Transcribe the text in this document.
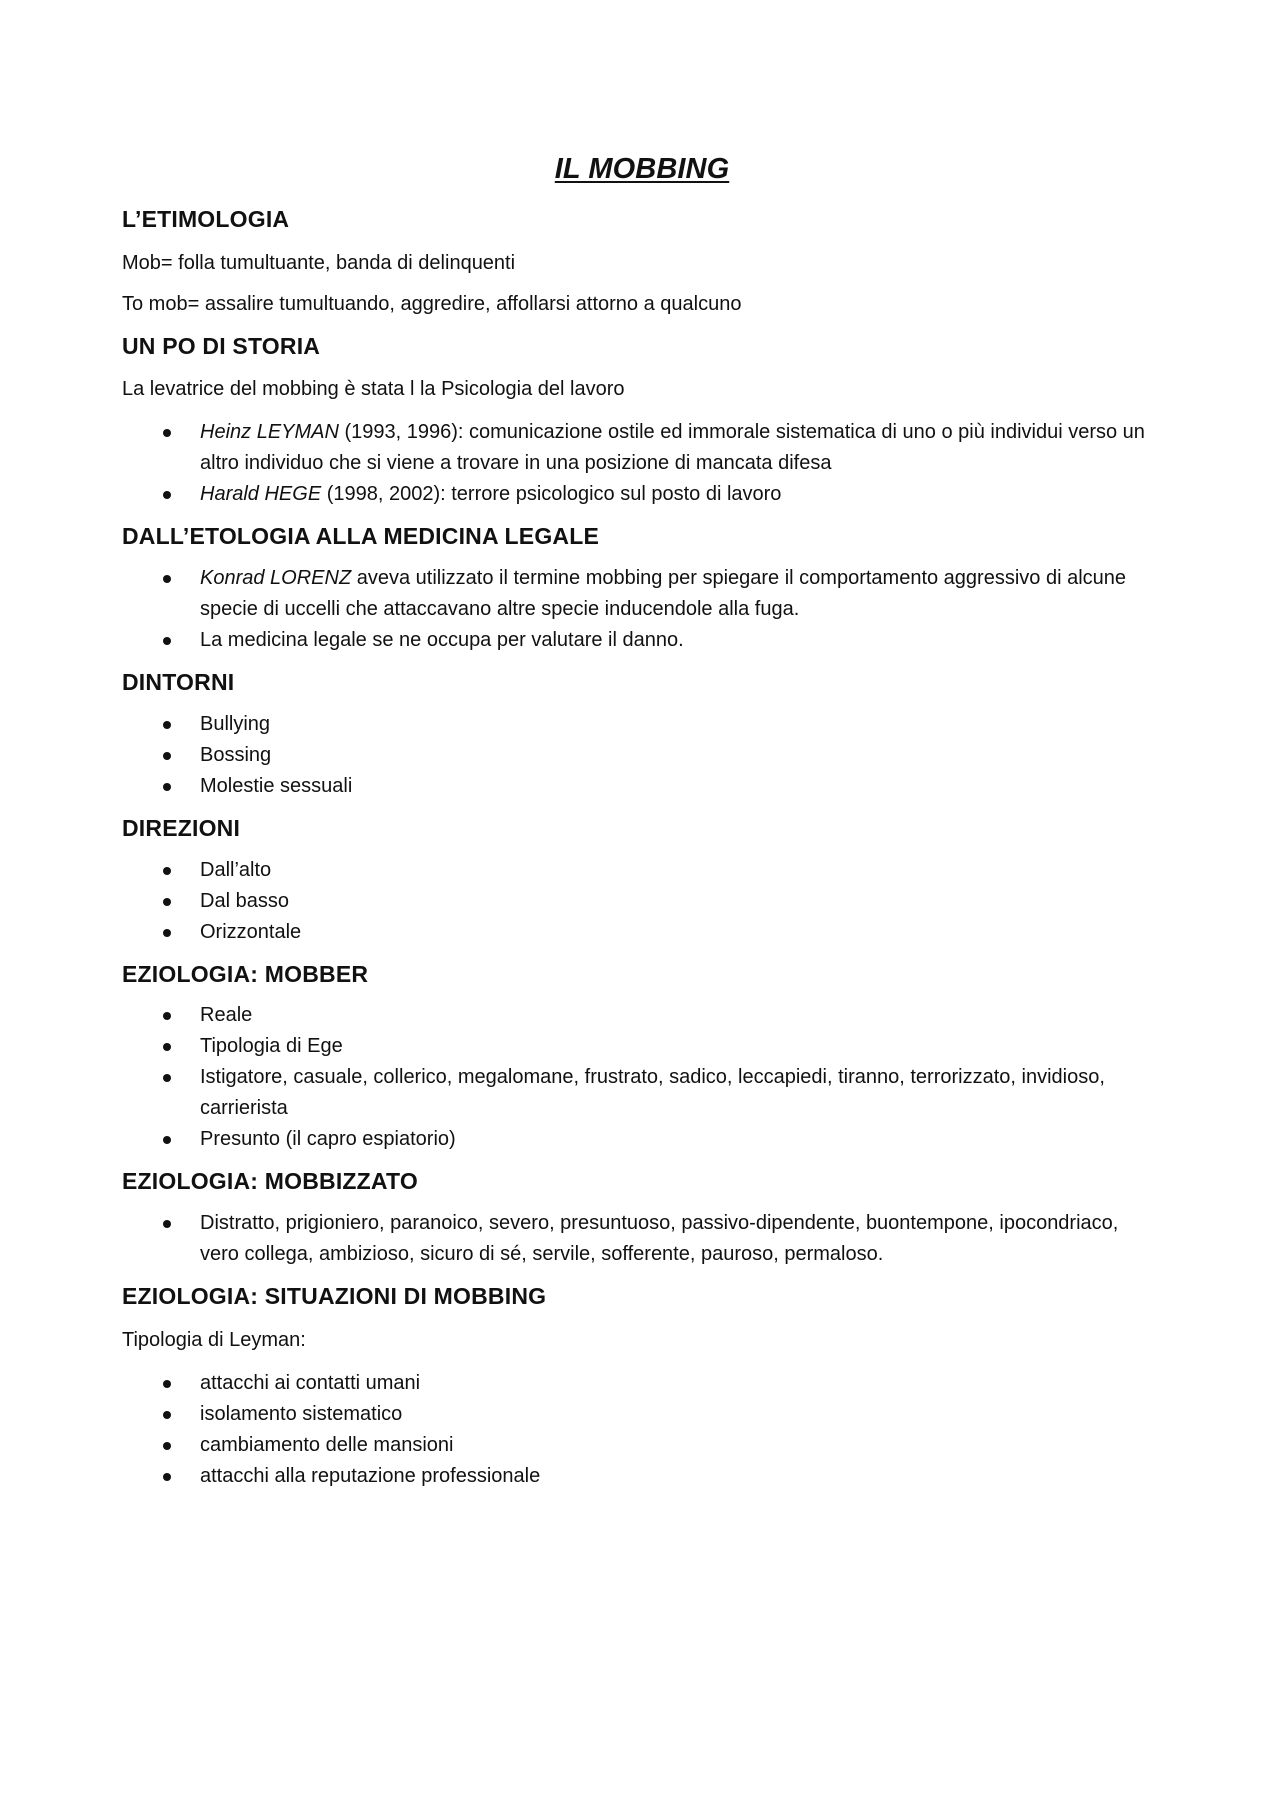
IL MOBBING
L’ETIMOLOGIA

Mob= folla tumultuante, banda di delinquenti

To mob= assalire tumultuando, aggredire, affollarsi attorno a qualcuno

UN PO DI STORIA

La levatrice del mobbing è stata l la Psicologia del lavoro

Heinz LEYMAN (1993, 1996): comunicazione ostile ed immorale sistematica di uno o più individui verso un altro individuo che si viene a trovare in una posizione di mancata difesa
Harald HEGE (1998, 2002): terrore psicologico sul posto di lavoro
DALL’ETOLOGIA ALLA MEDICINA LEGALE
Konrad LORENZ aveva utilizzato il termine mobbing per spiegare il comportamento aggressivo di alcune specie di uccelli che attaccavano altre specie inducendole alla fuga.
La medicina legale se ne occupa per valutare il danno.
DINTORNI
Bullying
Bossing
Molestie sessuali
DIREZIONI
Dall’alto
Dal basso
Orizzontale
EZIOLOGIA: MOBBER
Reale
Tipologia di Ege
Istigatore, casuale, collerico, megalomane, frustrato, sadico, leccapiedi, tiranno, terrorizzato, invidioso, carrierista
Presunto (il capro espiatorio)
EZIOLOGIA: MOBBIZZATO
Distratto, prigioniero, paranoico, severo, presuntuoso, passivo-dipendente, buontempone, ipocondriaco, vero collega, ambizioso, sicuro di sé, servile, sofferente, pauroso, permaloso.
EZIOLOGIA: SITUAZIONI DI MOBBING

Tipologia di Leyman:

attacchi ai contatti umani
isolamento sistematico
cambiamento delle mansioni
attacchi alla reputazione professionale
